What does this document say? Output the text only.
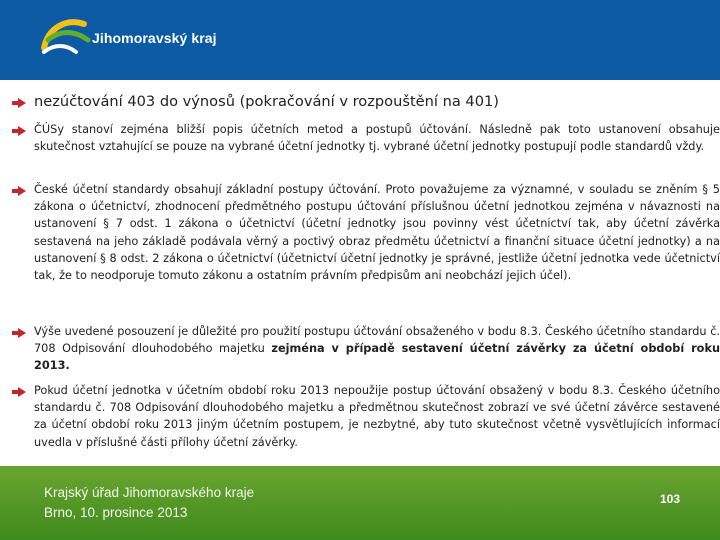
Jihomoravský kraj
nezúčtování 403 do výnosů (pokračování v rozpouštění na 401)

ČÚSy stanoví zejména bližší popis účetních metod a postupů účtování. Následně pak toto ustanovení obsahuje skutečnost vztahující se pouze na vybrané účetní jednotky tj. vybrané účetní jednotky postupují podle standardů vždy.

České účetní standardy obsahují základní postupy účtování. Proto považujeme za významné, v souladu se zněním § 5 zákona o účetnictví, zhodnocení předmětného postupu účtování příslušnou účetní jednotkou zejména v návaznosti na ustanovení § 7 odst. 1 zákona o účetnictví (účetní jednotky jsou povinny vést účetnictví tak, aby účetní závěrka sestavená na jeho základě podávala věrný a poctivý obraz předmětu účetnictví a finanční situace účetní jednotky) a na ustanovení § 8 odst. 2 zákona o účetnictví (účetnictví účetní jednotky je správné, jestliže účetní jednotka vede účetnictví tak, že to neodporuje tomuto zákonu a ostatním právním předpisům ani neobchází jejich účel).

Výše uvedené posouzení je důležité pro použití postupu účtování obsaženého v bodu 8.3. Českého účetního standardu č. 708 Odpisování dlouhodobého majetku zejména v případě sestavení účetní závěrky za účetní období roku 2013.

Pokud účetní jednotka v účetním období roku 2013 nepoužije postup účtování obsažený v bodu 8.3. Českého účetního standardu č. 708 Odpisování dlouhodobého majetku a předmětnou skutečnost zobrazí ve své účetní závěrce sestavené za účetní období roku 2013 jiným účetním postupem, je nezbytné, aby tuto skutečnost včetně vysvětlujících informací uvedla v příslušné části přílohy účetní závěrky.

Krajský úřad Jihomoravského kraje
Brno, 10. prosince 2013
103
